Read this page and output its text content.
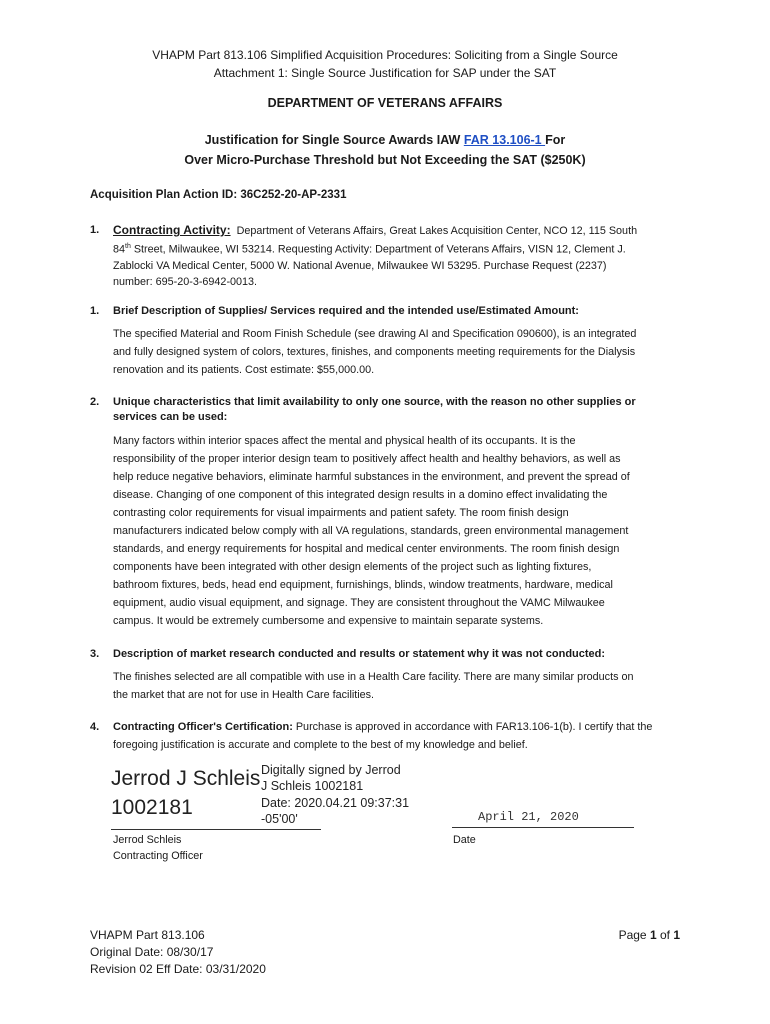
VHAPM Part 813.106 Simplified Acquisition Procedures: Soliciting from a Single Source
Attachment 1: Single Source Justification for SAP under the SAT
DEPARTMENT OF VETERANS AFFAIRS
Justification for Single Source Awards IAW FAR 13.106-1 For
Over Micro-Purchase Threshold but Not Exceeding the SAT ($250K)
Acquisition Plan Action ID: 36C252-20-AP-2331
1. Contracting Activity: Department of Veterans Affairs, Great Lakes Acquisition Center, NCO 12, 115 South
84th Street, Milwaukee, WI 53214. Requesting Activity: Department of Veterans Affairs, VISN 12, Clement J.
Zablocki VA Medical Center, 5000 W. National Avenue, Milwaukee WI 53295. Purchase Request (2237)
number: 695-20-3-6942-0013.
1. Brief Description of Supplies/ Services required and the intended use/Estimated Amount:
The specified Material and Room Finish Schedule (see drawing AI and Specification 090600), is an integrated
and fully designed system of colors, textures, finishes, and components meeting requirements for the Dialysis
renovation and its patients. Cost estimate: $55,000.00.
2. Unique characteristics that limit availability to only one source, with the reason no other supplies or
services can be used:
Many factors within interior spaces affect the mental and physical health of its occupants. It is the
responsibility of the proper interior design team to positively affect health and healthy behaviors, as well as
help reduce negative behaviors, eliminate harmful substances in the environment, and prevent the spread of
disease. Changing of one component of this integrated design results in a domino effect invalidating the
contrasting color requirements for visual impairments and patient safety. The room finish design
manufacturers indicated below comply with all VA regulations, standards, green environmental management
standards, and energy requirements for hospital and medical center environments. The room finish design
components have been integrated with other design elements of the project such as lighting fixtures,
bathroom fixtures, beds, head end equipment, furnishings, blinds, window treatments, hardware, medical
equipment, audio visual equipment, and signage. They are consistent throughout the VAMC Milwaukee
campus. It would be extremely cumbersome and expensive to maintain separate systems.
3. Description of market research conducted and results or statement why it was not conducted:
The finishes selected are all compatible with use in a Health Care facility. There are many similar products on
the market that are not for use in Health Care facilities.
4. Contracting Officer's Certification: Purchase is approved in accordance with FAR13.106-1(b). I certify that the
foregoing justification is accurate and complete to the best of my knowledge and belief.
Jerrod J Schleis
1002181
Digitally signed by Jerrod
J Schleis 1002181
Date: 2020.04.21 09:37:31
-05'00'
Jerrod Schleis
Contracting Officer
April 21, 2020
Date
VHAPM Part 813.106
Original Date: 08/30/17
Revision 02 Eff Date: 03/31/2020
Page 1 of 1
